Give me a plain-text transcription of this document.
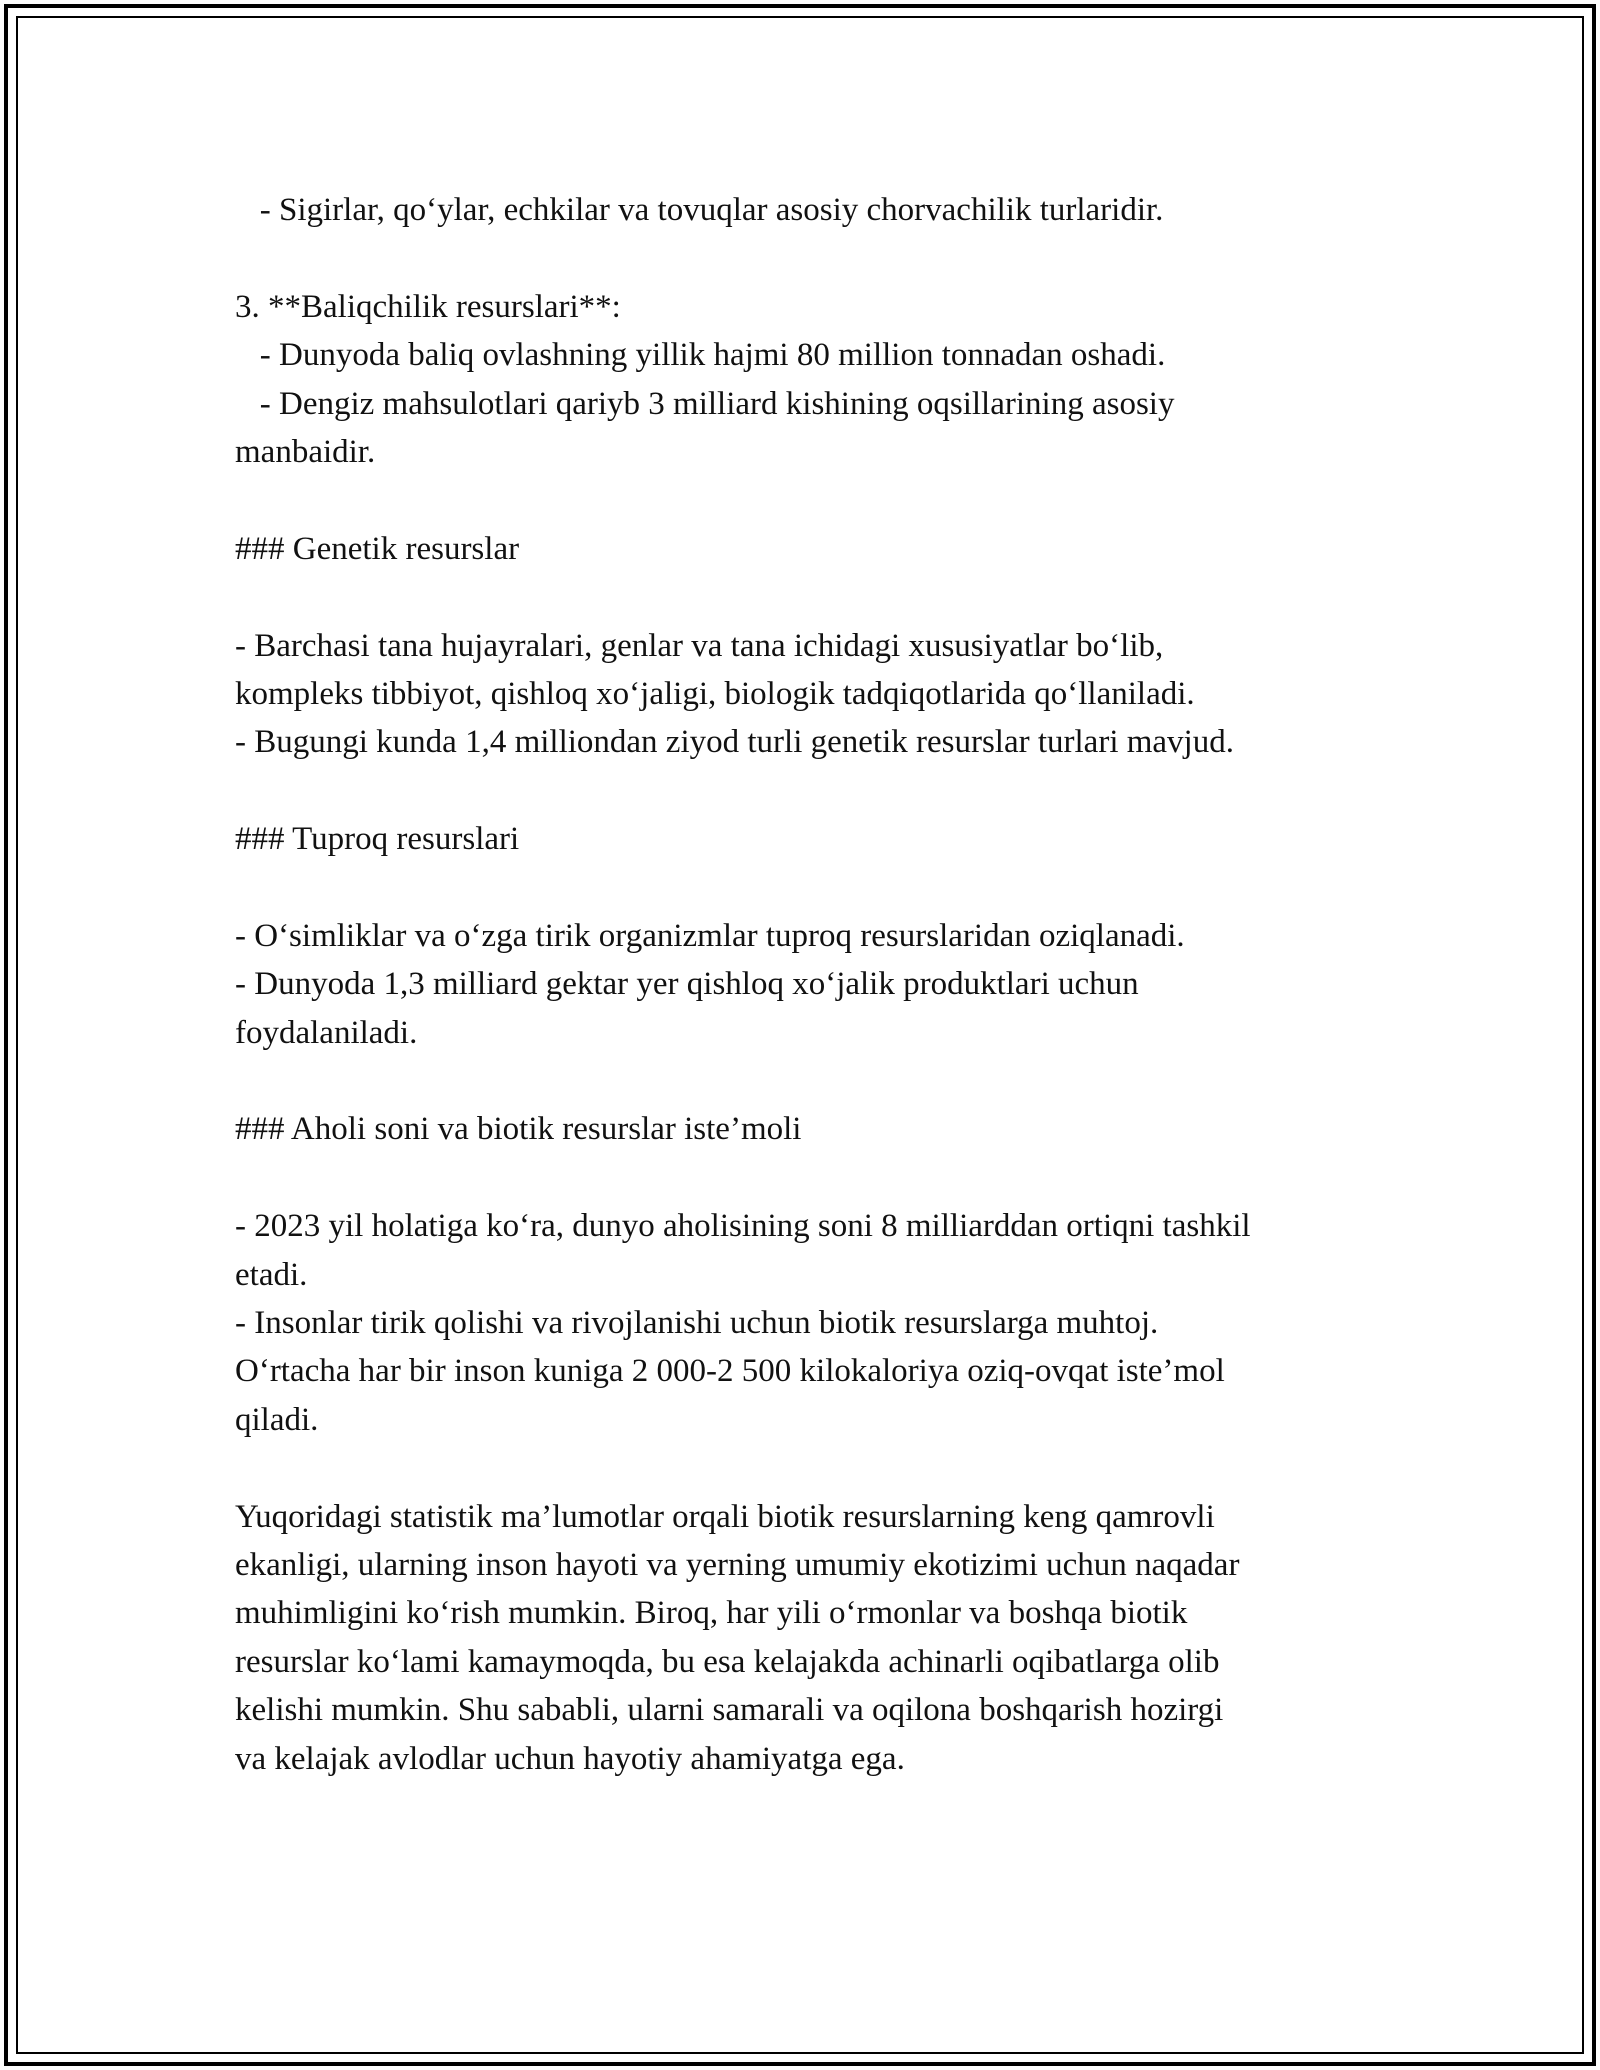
- Sigirlar, qo‘ylar, echkilar va tovuqlar asosiy chorvachilik turlaridir.
3. **Baliqchilik resurslari**:
- Dunyoda baliq ovlashning yillik hajmi 80 million tonnadan oshadi.
- Dengiz mahsulotlari qariyb 3 milliard kishining oqsillarining asosiy
manbaidir.
### Genetik resurslar
- Barchasi tana hujayralari, genlar va tana ichidagi xususiyatlar bo‘lib,
kompleks tibbiyot, qishloq xo‘jaligi, biologik tadqiqotlarida qo‘llaniladi.
- Bugungi kunda 1,4 milliondan ziyod turli genetik resurslar turlari mavjud.
### Tuproq resurslari
- O‘simliklar va o‘zga tirik organizmlar tuproq resurslaridan oziqlanadi.
- Dunyoda 1,3 milliard gektar yer qishloq xo‘jalik produktlari uchun
foydalaniladi.
### Aholi soni va biotik resurslar iste’moli
- 2023 yil holatiga ko‘ra, dunyo aholisining soni 8 milliarddan ortiqni tashkil
etadi.
- Insonlar tirik qolishi va rivojlanishi uchun biotik resurslarga muhtoj.
O‘rtacha har bir inson kuniga 2 000-2 500 kilokaloriya oziq-ovqat iste’mol
qiladi.
Yuqoridagi statistik ma’lumotlar orqali biotik resurslarning keng qamrovli
ekanligi, ularning inson hayoti va yerning umumiy ekotizimi uchun naqadar
muhimligini ko‘rish mumkin. Biroq, har yili o‘rmonlar va boshqa biotik
resurslar ko‘lami kamaymoqda, bu esa kelajakda achinarli oqibatlarga olib
kelishi mumkin. Shu sababli, ularni samarali va oqilona boshqarish hozirgi
va kelajak avlodlar uchun hayotiy ahamiyatga ega.
